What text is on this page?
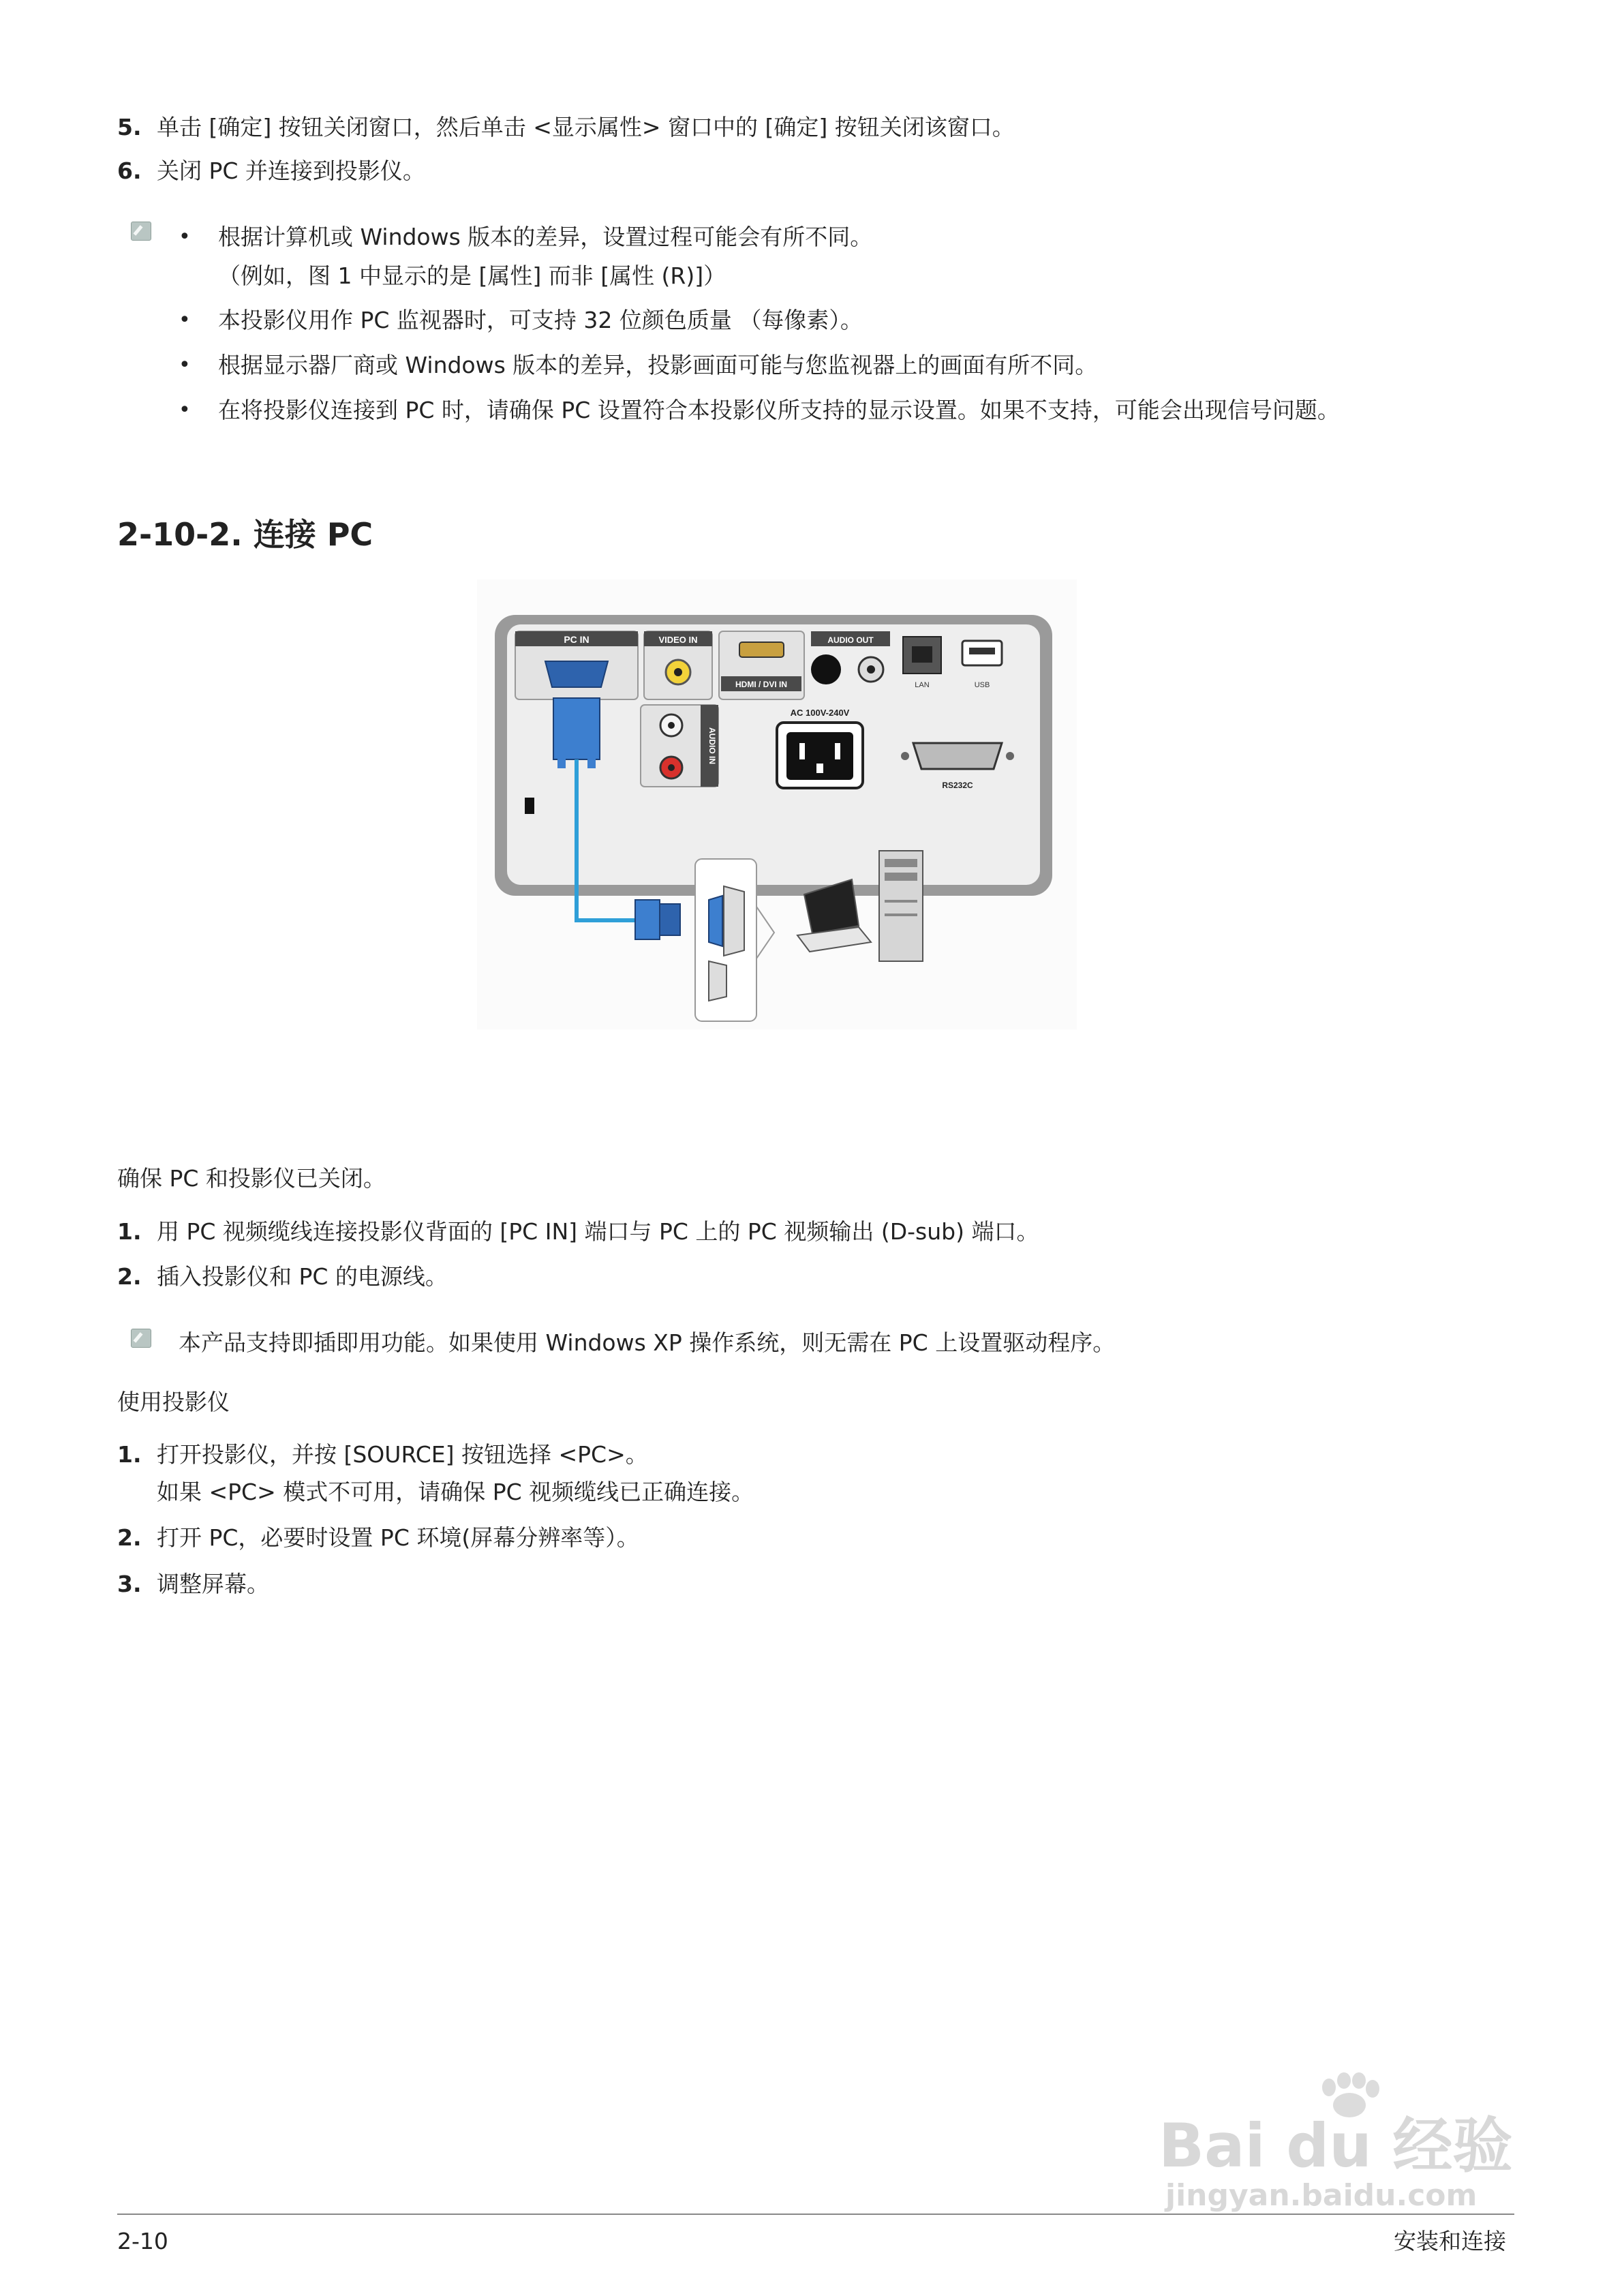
5. 单击 [确定] 按钮关闭窗口，然后单击 <显示属性> 窗口中的 [确定] 按钮关闭该窗口。
6. 关闭 PC 并连接到投影仪。
• 根据计算机或 Windows 版本的差异，设置过程可能会有所不同。
（例如，图 1 中显示的是 [属性] 而非 [属性 (R)]）
• 本投影仪用作 PC 监视器时，可支持 32 位颜色质量 （每像素）。
• 根据显示器厂商或 Windows 版本的差异，投影画面可能与您监视器上的画面有所不同。
• 在将投影仪连接到 PC 时，请确保 PC 设置符合本投影仪所支持的显示设置。如果不支持，可能会出现信号问题。
2-10-2. 连接 PC
PC IN	VIDEO IN
HDMI / DVI IN
AUDIO OUT
LAN	USB
AUDIO IN
AC 100V-240V
RS232C
确保 PC 和投影仪已关闭。
1. 用 PC 视频缆线连接投影仪背面的 [PC IN] 端口与 PC 上的 PC 视频输出 (D-sub) 端口。
2. 插入投影仪和 PC 的电源线。
本产品支持即插即用功能。如果使用 Windows XP 操作系统，则无需在 PC 上设置驱动程序。
使用投影仪
1. 打开投影仪，并按 [SOURCE] 按钮选择 <PC>。
如果 <PC> 模式不可用，请确保 PC 视频缆线已正确连接。
2. 打开 PC，必要时设置 PC 环境(屏幕分辨率等）。
3. 调整屏幕。
Bai du 经验
jingyan.baidu.com
2-10	安装和连接
